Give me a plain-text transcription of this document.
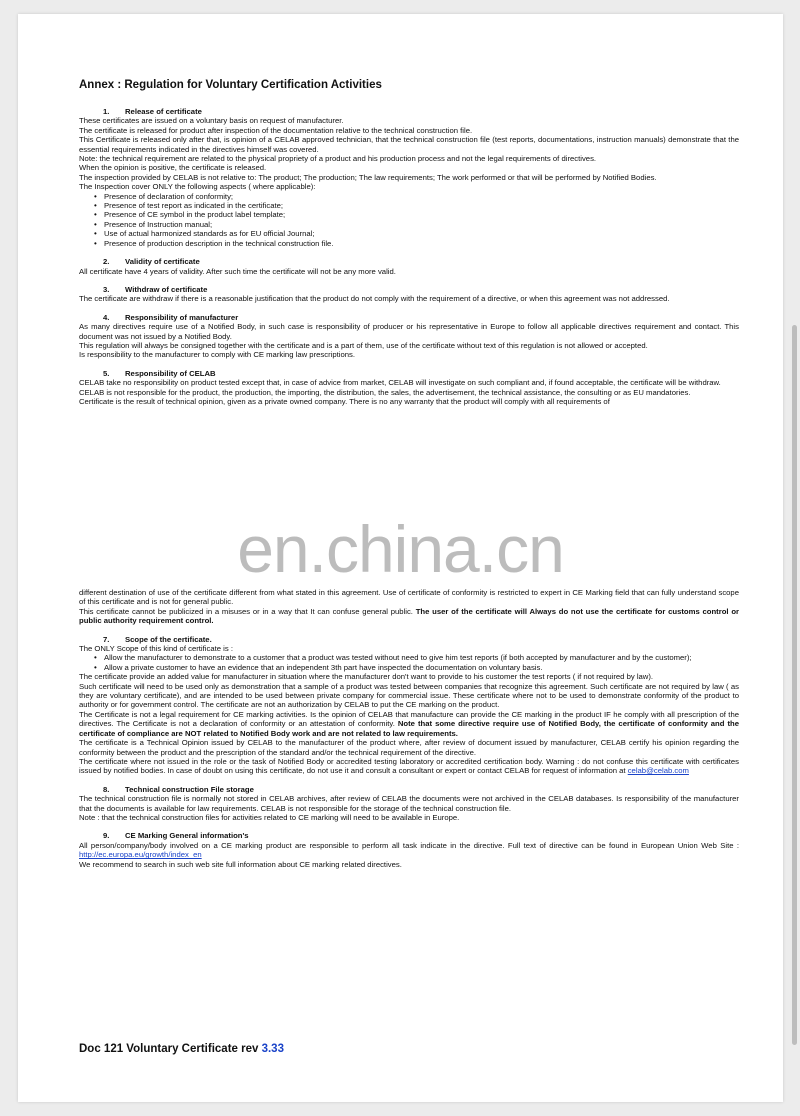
Annex : Regulation for Voluntary Certification Activities
1. Release of certificate

These certificates are issued on a voluntary basis on request of manufacturer.

The certificate is released for product after inspection of the documentation relative to the technical construction file.

This Certificate is released only after that, is opinion of a CELAB approved technician, that the technical construction file (test reports, documentations, instruction manuals) demonstrate that the essential requirements indicated in the directives himself was covered.

Note: the technical requirement are related to the physical propriety of a product and his production process and not the legal requirements of directives.

When the opinion is positive, the certificate is released.

The inspection provided by CELAB is not relative to: The product; The production; The law requirements; The work performed or that will be performed by Notified Bodies.

The Inspection cover ONLY the following aspects ( where applicable):

• Presence of declaration of conformity;
• Presence of test report as indicated in the certificate;
• Presence of CE symbol in the product label template;
• Presence of Instruction manual;
• Use of actual harmonized standards as for EU official Journal;
• Presence of production description in the technical construction file.
2. Validity of certificate

All certificate have 4 years of validity. After such time the certificate will not be any more valid.

3. Withdraw of certificate

The certificate are withdraw if there is a reasonable justification that the product do not comply with the requirement of a directive, or when this agreement was not addressed.

4. Responsibility of manufacturer

As many directives require use of a Notified Body, in such case is responsibility of producer or his representative in Europe to follow all applicable directives requirement and contact. This document was not issued by a Notified Body.

This regulation will always be consigned together with the certificate and is a part of them, use of the certificate without text of this regulation is not allowed or accepted.

Is responsibility to the manufacturer to comply with CE marking law prescriptions.

5. Responsibility of CELAB

CELAB take no responsibility on product tested except that, in case of advice from market, CELAB will investigate on such compliant and, if found acceptable, the certificate will be withdraw.

CELAB is not responsible for the product, the production, the importing, the distribution, the sales, the advertisement, the technical assistance, the consulting or as EU mandatories.

Certificate is the result of technical opinion, given as a private owned company. There is no any warranty that the product will comply with all requirements of

en.china.cn

different destination of use of the certificate different from what stated in this agreement. Use of certificate of conformity is restricted to expert in CE Marking field that can fully understand scope of this certificate and is not for general public.

This certificate cannot be publicized in a misuses or in a way that It can confuse general public. The user of the certificate will Always do not use the certificate for customs control or public authority requirement control.

7. Scope of the certificate.

The ONLY Scope of this kind of certificate is :

• Allow the manufacturer to demonstrate to a customer that a product was tested without need to give him test reports (if both accepted by manufacturer and by the customer);
• Allow a private customer to have an evidence that an independent 3th part have inspected the documentation on voluntary basis.

The certificate provide an added value for manufacturer in situation where the manufacturer don't want to provide to his customer the test reports ( if not required by law).

Such certificate will need to be used only as demonstration that a sample of a product was tested between companies that recognize this agreement. Such certificate are not required by law ( as they are voluntary certificate), and are intended to be used between private company for commercial issue. These certificate where not to be used to demonstrate conformity of the product to authority or for government control. The certificate are not an authorization by CELAB to put the CE marking on the product.

The Certificate is not a legal requirement for CE marking activities. Is the opinion of CELAB that manufacture can provide the CE marking in the product IF he comply with all prescription of the directives. The Certificate is not a declaration of conformity or an attestation of conformity. Note that some directive require use of Notified Body, the certificate of conformity and the certificate of compliance are NOT related to Notified Body work and are not related to law requirements.

The certificate is a Technical Opinion issued by CELAB to the manufacturer of the product where, after review of document issued by manufacturer, CELAB certify his opinion regarding the conformity between the product and the prescription of the standard and/or the technical requirement of the directive.

The certificate where not issued in the role or the task of Notified Body or accredited testing laboratory or accredited certification body. Warning : do not confuse this certificate with certificates issued by notified bodies. In case of doubt on using this certificate, do not use it and consult a consultant or expert or contact CELAB for request of information at celab@celab.com

8. Technical construction File storage

The technical construction file is normally not stored in CELAB archives, after review of CELAB the documents were not archived in the CELAB databases. Is responsibility of the manufacturer that the documents is available for law requirements. CELAB is not responsible for the storage of the technical construction file.

Note : that the technical construction files for activities related to CE marking will need to be available in Europe.

9. CE Marking General information's

All person/company/body involved on a CE marking product are responsible to perform all task indicate in the directive. Full text of directive can be found in European Union Web Site : http://ec.europa.eu/growth/index_en

We recommend to search in such web site full information about CE marking related directives.

Doc 121 Voluntary Certificate rev 3.33
